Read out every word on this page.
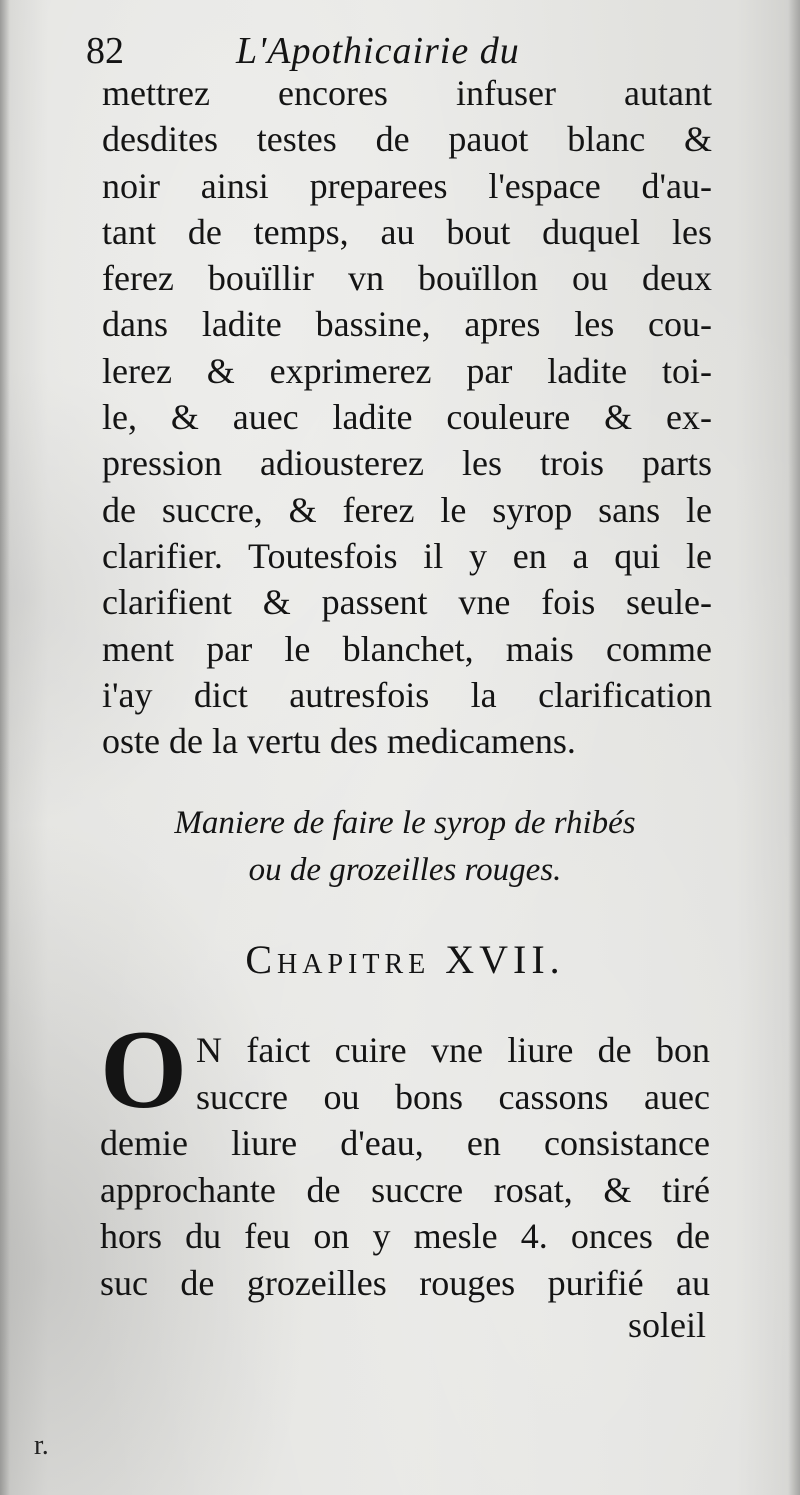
82	L'Apothicairie du
mettrez encores infuser autant
desdites testes de pauot blanc &
noir ainsi preparees l'espace d'au-
tant de temps, au bout duquel les
ferez bouïllir vn bouïllon ou deux
dans ladite bassine, apres les cou-
lerez & exprimerez par ladite toi-
le, & auec ladite couleure & ex-
pression adiousterez les trois parts
de succre, & ferez le syrop sans le
clarifier. Toutesfois il y en a qui le
clarifient & passent vne fois seule-
ment par le blanchet, mais comme
i'ay dict autresfois la clarification
oste de la vertu des medicamens.
Maniere de faire le syrop de rhibés
ou de grozeilles rouges.
Chapitre XVII.
O N faict cuire vne liure de bon
succre ou bons cassons auec
demie liure d'eau, en consistance
approchante de succre rosat, & tiré
hors du feu on y mesle 4. onces de
suc de grozeilles rouges purifié au
soleil
r.
